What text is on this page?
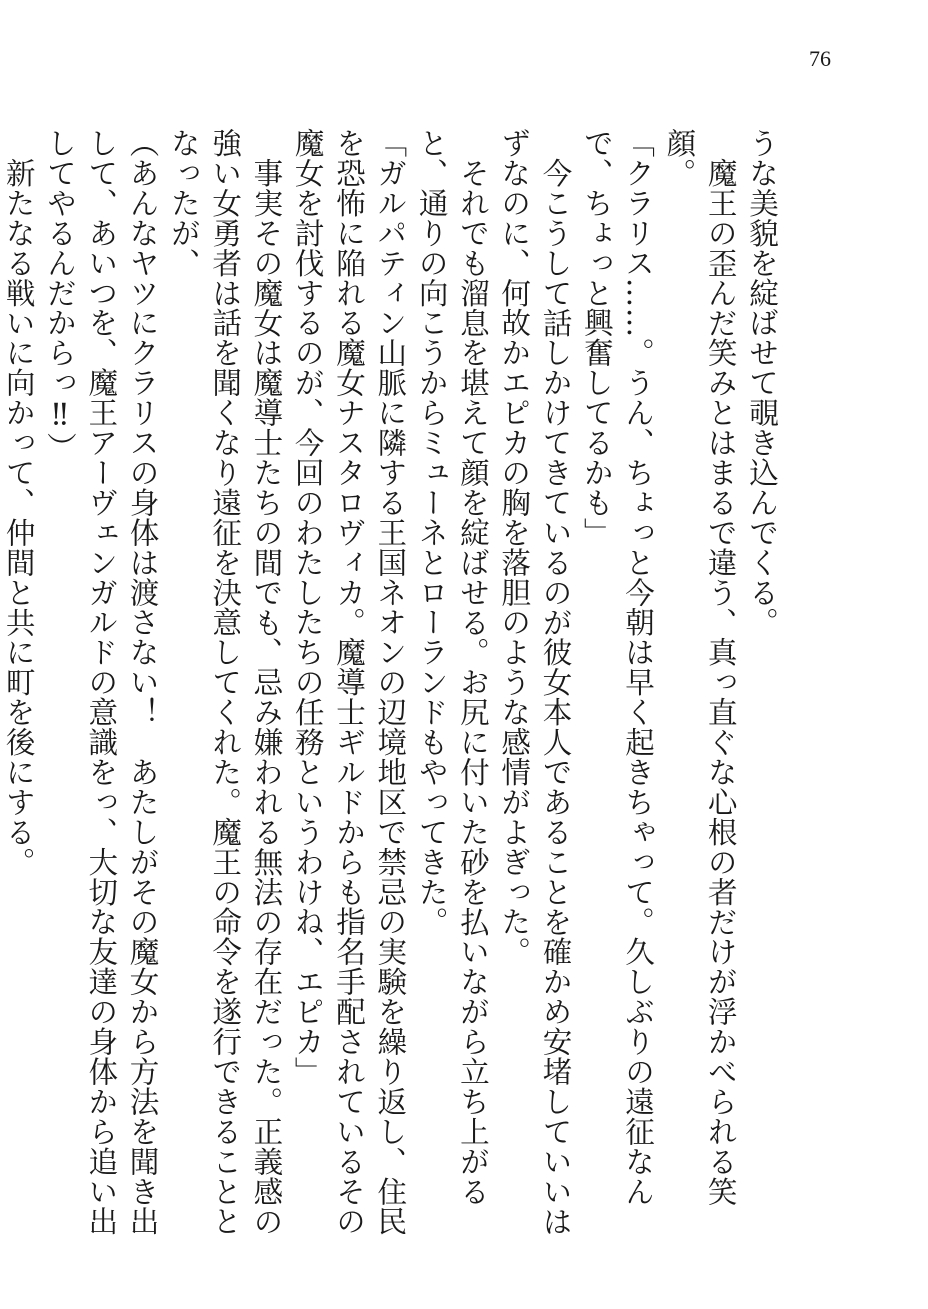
76

うな美貌を綻ばせて覗き込んでくる。

魔王の歪んだ笑みとはまるで違う、真っ直ぐな心根の者だけが浮かべられる笑顔。

「クラリス……。うん、ちょっと今朝は早く起きちゃって。久しぶりの遠征なんで、ちょっと興奮してるかも」

今こうして話しかけてきているのが彼女本人であることを確かめ安堵していいはずなのに、何故かエピカの胸を落胆のような感情がよぎった。

それでも溜息を堪えて顔を綻ばせる。お尻に付いた砂を払いながら立ち上がると、通りの向こうからミューネとローランドもやってきた。

「ガルパティン山脈に隣する王国ネオンの辺境地区で禁忌の実験を繰り返し、住民を恐怖に陥れる魔女ナスタロヴィカ。魔導士ギルドからも指名手配されているその魔女を討伐するのが、今回のわたしたちの任務というわけね、エピカ」

事実その魔女は魔導士たちの間でも、忌み嫌われる無法の存在だった。正義感の強い女勇者は話を聞くなり遠征を決意してくれた。魔王の命令を遂行できることとなったが、

（あんなヤツにクラリスの身体は渡さない！　あたしがその魔女から方法を聞き出して、あいつを、魔王アーヴェンガルドの意識をっ、大切な友達の身体から追い出してやるんだからっ‼）

新たなる戦いに向かって、仲間と共に町を後にする。
